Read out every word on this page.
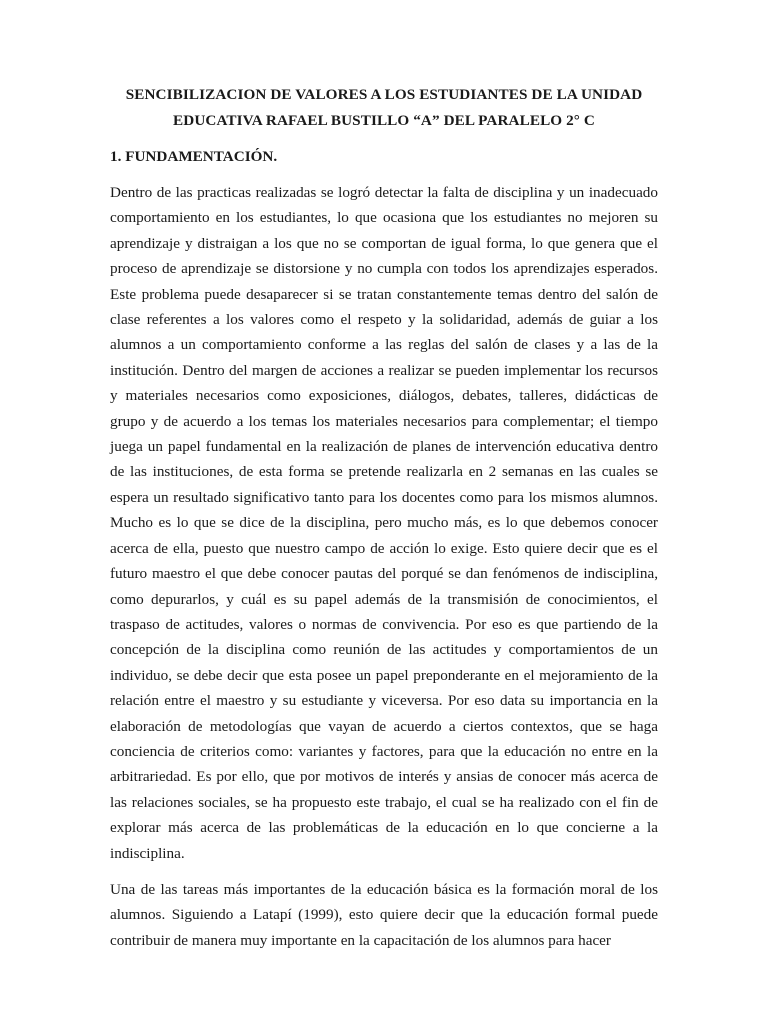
SENCIBILIZACION DE VALORES A LOS ESTUDIANTES DE LA UNIDAD EDUCATIVA RAFAEL BUSTILLO “A” DEL PARALELO 2° C
1. FUNDAMENTACIÓN.

Dentro de las practicas realizadas se logró detectar la falta de disciplina y un inadecuado comportamiento en los estudiantes, lo que ocasiona que los estudiantes no mejoren su aprendizaje y distraigan a los que no se comportan de igual forma, lo que genera que el proceso de aprendizaje se distorsione y no cumpla con todos los aprendizajes esperados. Este problema puede desaparecer si se tratan constantemente temas dentro del salón de clase referentes a los valores como el respeto y la solidaridad, además de guiar a los alumnos a un comportamiento conforme a las reglas del salón de clases y a las de la institución. Dentro del margen de acciones a realizar se pueden implementar los recursos y materiales necesarios como exposiciones, diálogos, debates, talleres, didácticas de grupo y de acuerdo a los temas los materiales necesarios para complementar; el tiempo juega un papel fundamental en la realización de planes de intervención educativa dentro de las instituciones, de esta forma se pretende realizarla en 2 semanas en las cuales se espera un resultado significativo tanto para los docentes como para los mismos alumnos. Mucho es lo que se dice de la disciplina, pero mucho más, es lo que debemos conocer acerca de ella, puesto que nuestro campo de acción lo exige. Esto quiere decir que es el futuro maestro el que debe conocer pautas del porqué se dan fenómenos de indisciplina, como depurarlos, y cuál es su papel además de la transmisión de conocimientos, el traspaso de actitudes, valores o normas de convivencia. Por eso es que partiendo de la concepción de la disciplina como reunión de las actitudes y comportamientos de un individuo, se debe decir que esta posee un papel preponderante en el mejoramiento de la relación entre el maestro y su estudiante y viceversa. Por eso data su importancia en la elaboración de metodologías que vayan de acuerdo a ciertos contextos, que se haga conciencia de criterios como: variantes y factores, para que la educación no entre en la arbitrariedad. Es por ello, que por motivos de interés y ansias de conocer más acerca de las relaciones sociales, se ha propuesto este trabajo, el cual se ha realizado con el fin de explorar más acerca de las problemáticas de la educación en lo que concierne a la indisciplina.

Una de las tareas más importantes de la educación básica es la formación moral de los alumnos. Siguiendo a Latapí (1999), esto quiere decir que la educación formal puede contribuir de manera muy importante en la capacitación de los alumnos para hacer
